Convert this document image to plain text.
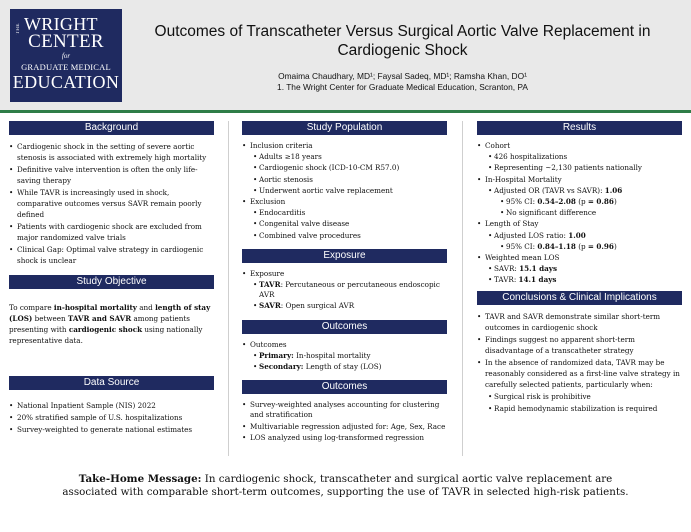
THE WRIGHT
CENTER
for
GRADUATE MEDICAL
EDUCATION
Outcomes of Transcatheter Versus Surgical Aortic Valve Replacement in Cardiogenic Shock
Omaima Chaudhary, MD¹; Faysal Sadeq, MD¹; Ramsha Khan, DO¹
1. The Wright Center for Graduate Medical Education, Scranton, PA
Background
• Cardiogenic shock in the setting of severe aortic stenosis is associated with extremely high mortality
• Definitive valve intervention is often the only life-saving therapy
• While TAVR is increasingly used in shock, comparative outcomes versus SAVR remain poorly defined
• Patients with cardiogenic shock are excluded from major randomized valve trials
• Clinical Gap: Optimal valve strategy in cardiogenic shock is unclear
Study Objective

To compare in-hospital mortality and length of stay (LOS) between TAVR and SAVR among patients presenting with cardiogenic shock using nationally representative data.

Data Source
• National Inpatient Sample (NIS) 2022
• 20% stratified sample of U.S. hospitalizations
• Survey-weighted to generate national estimates
Study Population
• Inclusion criteria
• Adults ≥18 years
• Cardiogenic shock (ICD-10-CM R57.0)
• Aortic stenosis
• Underwent aortic valve replacement
• Exclusion
• Endocarditis
• Congenital valve disease
• Combined valve procedures
Exposure
• Exposure
• TAVR: Percutaneous or percutaneous endoscopic AVR
• SAVR: Open surgical AVR
Outcomes
• Outcomes
• Primary: In-hospital mortality
• Secondary: Length of stay (LOS)
Outcomes
• Survey-weighted analyses accounting for clustering and stratification
• Multivariable regression adjusted for: Age, Sex, Race
• LOS analyzed using log-transformed regression
Results
• Cohort
• 426 hospitalizations
• Representing ~2,130 patients nationally
• In-Hospital Mortality
• Adjusted OR (TAVR vs SAVR): 1.06
• 95% CI: 0.54–2.08 (p = 0.86)
• No significant difference
• Length of Stay
• Adjusted LOS ratio: 1.00
• 95% CI: 0.84–1.18 (p = 0.96)
• Weighted mean LOS
• SAVR: 15.1 days
• TAVR: 14.1 days
Conclusions & Clinical Implications
• TAVR and SAVR demonstrate similar short-term outcomes in cardiogenic shock
• Findings suggest no apparent short-term disadvantage of a transcatheter strategy
• In the absence of randomized data, TAVR may be reasonably considered as a first-line valve strategy in carefully selected patients, particularly when:
• Surgical risk is prohibitive
• Rapid hemodynamic stabilization is required
Take-Home Message: In cardiogenic shock, transcatheter and surgical aortic valve replacement are associated with comparable short-term outcomes, supporting the use of TAVR in selected high-risk patients.
